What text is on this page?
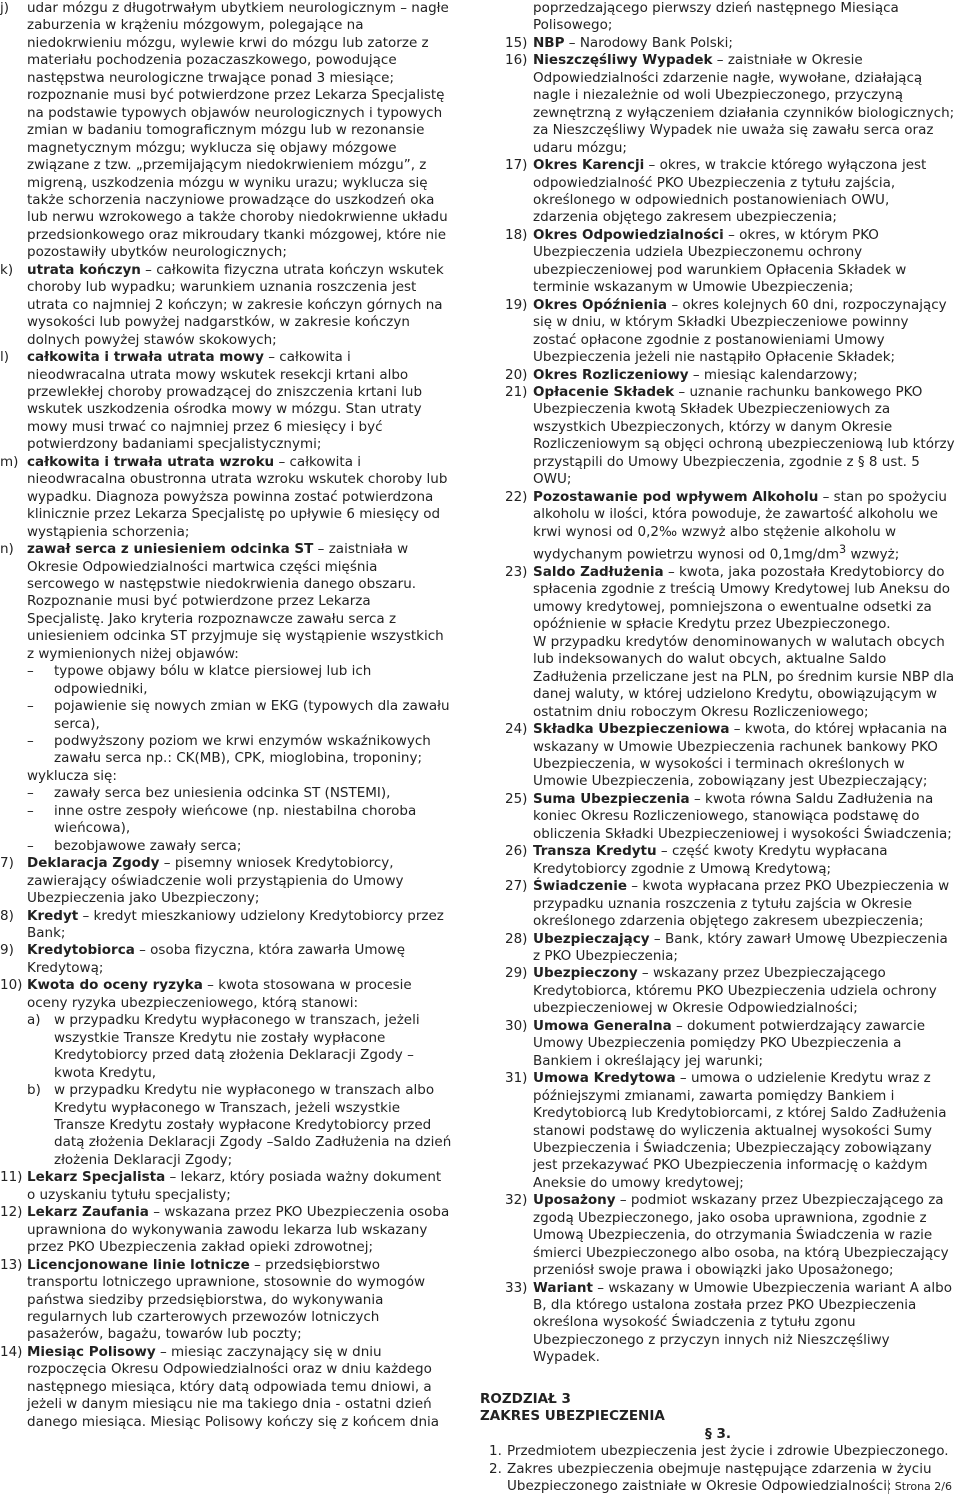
j)	udar mózgu z długotrwałym ubytkiem neurologicznym – nagłe zaburzenia w krążeniu mózgowym, polegające na niedokrwieniu mózgu, wylewie krwi do mózgu lub zatorze z materiału pochodzenia pozaczaszkowego, powodujące następstwa neurologiczne trwające ponad 3 miesiące; rozpoznanie musi być potwierdzone przez Lekarza Specjalistę na podstawie typowych objawów neurologicznych i typowych zmian w badaniu tomograficznym mózgu lub w rezonansie magnetycznym mózgu; wyklucza się objawy mózgowe związane z tzw. „przemijającym niedokrwieniem mózgu”, z migreną, uszkodzenia mózgu w wyniku urazu; wyklucza się także schorzenia naczyniowe prowadzące do uszkodzeń oka lub nerwu wzrokowego a także choroby niedokrwienne układu przedsionkowego oraz mikroudary tkanki mózgowej, które nie pozostawiły ubytków neurologicznych;

k)	utrata kończyn – całkowita fizyczna utrata kończyn wskutek choroby lub wypadku; warunkiem uznania roszczenia jest utrata co najmniej 2 kończyn; w zakresie kończyn górnych na wysokości lub powyżej nadgarstków, w zakresie kończyn dolnych powyżej stawów skokowych;

l)	całkowita i trwała utrata mowy – całkowita i nieodwracalna utrata mowy wskutek resekcji krtani albo przewlekłej choroby prowadzącej do zniszczenia krtani lub wskutek uszkodzenia ośrodka mowy w mózgu. Stan utraty mowy musi trwać co najmniej przez 6 miesięcy i być potwierdzony badaniami specjalistycznymi;

m) całkowita i trwała utrata wzroku – całkowita i nieodwracalna obustronna utrata wzroku wskutek choroby lub wypadku. Diagnoza powyższa powinna zostać potwierdzona klinicznie przez Lekarza Specjalistę po upływie 6 miesięcy od wystąpienia schorzenia;

n) zawał serca z uniesieniem odcinka ST – zaistniała w Okresie Odpowiedzialności martwica części mięśnia sercowego w następstwie niedokrwienia danego obszaru. Rozpoznanie musi być potwierdzone przez Lekarza Specjalistę. Jako kryteria rozpoznawcze zawału serca z uniesieniem odcinka ST przyjmuje się wystąpienie wszystkich z wymienionych niżej objawów:

– typowe objawy bólu w klatce piersiowej lub ich odpowiedniki,

– pojawienie się nowych zmian w EKG (typowych dla zawału serca),

– podwyższony poziom we krwi enzymów wskaźnikowych zawału serca np.: CK(MB), CPK, mioglobina, troponiny;

wyklucza się:

– zawały serca bez uniesienia odcinka ST (NSTEMI),

– inne ostre zespoły wieńcowe (np. niestabilna choroba wieńcowa),

– bezobjawowe zawały serca;

7) Deklaracja Zgody – pisemny wniosek Kredytobiorcy, zawierający oświadczenie woli przystąpienia do Umowy Ubezpieczenia jako Ubezpieczony;

8) Kredyt – kredyt mieszkaniowy udzielony Kredytobiorcy przez Bank;

9) Kredytobiorca – osoba fizyczna, która zawarła Umowę Kredytową;

10) Kwota do oceny ryzyka – kwota stosowana w procesie oceny ryzyka ubezpieczeniowego, którą stanowi:

a) w przypadku Kredytu wypłaconego w transzach, jeżeli wszystkie Transze Kredytu nie zostały wypłacone Kredytobiorcy przed datą złożenia Deklaracji Zgody – kwota Kredytu,

b) w przypadku Kredytu nie wypłaconego w transzach albo Kredytu wypłaconego w Transzach, jeżeli wszystkie Transze Kredytu zostały wypłacone Kredytobiorcy przed datą złożenia Deklaracji Zgody –Saldo Zadłużenia na dzień złożenia Deklaracji Zgody;

11) Lekarz Specjalista – lekarz, który posiada ważny dokument o uzyskaniu tytułu specjalisty;

12) Lekarz Zaufania – wskazana przez PKO Ubezpieczenia osoba uprawniona do wykonywania zawodu lekarza lub wskazany przez PKO Ubezpieczenia zakład opieki zdrowotnej;

13) Licencjonowane linie lotnicze – przedsiębiorstwo transportu lotniczego uprawnione, stosownie do wymogów państwa siedziby przedsiębiorstwa, do wykonywania regularnych lub czarterowych przewozów lotniczych pasażerów, bagażu, towarów lub poczty;

14) Miesiąc Polisowy – miesiąc zaczynający się w dniu rozpoczęcia Okresu Odpowiedzialności oraz w dniu każdego następnego miesiąca, który datą odpowiada temu dniowi, a jeżeli w danym miesiącu nie ma takiego dnia - ostatni dzień danego miesiąca. Miesiąc Polisowy kończy się z końcem dnia

poprzedzającego pierwszy dzień następnego Miesiąca Polisowego;

15) NBP – Narodowy Bank Polski;

16) Nieszczęśliwy Wypadek – zaistniałe w Okresie Odpowiedzialności zdarzenie nagłe, wywołane, działającą nagle i niezależnie od woli Ubezpieczonego, przyczyną zewnętrzną z wyłączeniem działania czynników biologicznych; za Nieszczęśliwy Wypadek nie uważa się zawału serca oraz udaru mózgu;

17) Okres Karencji – okres, w trakcie którego wyłączona jest odpowiedzialność PKO Ubezpieczenia z tytułu zajścia, określonego w odpowiednich postanowieniach OWU, zdarzenia objętego zakresem ubezpieczenia;

18) Okres Odpowiedzialności – okres, w którym PKO Ubezpieczenia udziela Ubezpieczonemu ochrony ubezpieczeniowej pod warunkiem Opłacenia Składek w terminie wskazanym w Umowie Ubezpieczenia;

19) Okres Opóźnienia – okres kolejnych 60 dni, rozpoczynający się w dniu, w którym Składki Ubezpieczeniowe powinny zostać opłacone zgodnie z postanowieniami Umowy Ubezpieczenia jeżeli nie nastąpiło Opłacenie Składek;

20) Okres Rozliczeniowy – miesiąc kalendarzowy;

21) Opłacenie Składek – uznanie rachunku bankowego PKO Ubezpieczenia kwotą Składek Ubezpieczeniowych za wszystkich Ubezpieczonych, którzy w danym Okresie Rozliczeniowym są objęci ochroną ubezpieczeniową lub którzy przystąpili do Umowy Ubezpieczenia, zgodnie z § 8 ust. 5 OWU;

22) Pozostawanie pod wpływem Alkoholu – stan po spożyciu alkoholu w ilości, która powoduje, że zawartość alkoholu we krwi wynosi od 0,2‰ wzwyż albo stężenie alkoholu w wydychanym powietrzu wynosi od $0,1mg/dm^3$ wzwyż;

23) Saldo Zadłużenia – kwota, jaka pozostała Kredytobiorcy do spłacenia zgodnie z treścią Umowy Kredytowej lub Aneksu do umowy kredytowej, pomniejszona o ewentualne odsetki za opóźnienie w spłacie Kredytu przez Ubezpieczonego.

W przypadku kredytów denominowanych w walutach obcych lub indeksowanych do walut obcych, aktualne Saldo Zadłużenia przeliczane jest na PLN, po średnim kursie NBP dla danej waluty, w której udzielono Kredytu, obowiązującym w ostatnim dniu roboczym Okresu Rozliczeniowego;

24) Składka Ubezpieczeniowa – kwota, do której wpłacania na wskazany w Umowie Ubezpieczenia rachunek bankowy PKO Ubezpieczenia, w wysokości i terminach określonych w Umowie Ubezpieczenia, zobowiązany jest Ubezpieczający;

25) Suma Ubezpieczenia – kwota równa Saldu Zadłużenia na koniec Okresu Rozliczeniowego, stanowiąca podstawę do obliczenia Składki Ubezpieczeniowej i wysokości Świadczenia;

26) Transza Kredytu – część kwoty Kredytu wypłacana Kredytobiorcy zgodnie z Umową Kredytową;

27) Świadczenie – kwota wypłacana przez PKO Ubezpieczenia w przypadku uznania roszczenia z tytułu zajścia w Okresie określonego zdarzenia objętego zakresem ubezpieczenia;

28) Ubezpieczający – Bank, który zawarł Umowę Ubezpieczenia z PKO Ubezpieczenia;

29) Ubezpieczony – wskazany przez Ubezpieczającego Kredytobiorca, któremu PKO Ubezpieczenia udziela ochrony ubezpieczeniowej w Okresie Odpowiedzialności;

30) Umowa Generalna – dokument potwierdzający zawarcie Umowy Ubezpieczenia pomiędzy PKO Ubezpieczenia a Bankiem i określający jej warunki;

31) Umowa Kredytowa – umowa o udzielenie Kredytu wraz z późniejszymi zmianami, zawarta pomiędzy Bankiem i Kredytobiorcą lub Kredytobiorcami, z której Saldo Zadłużenia stanowi podstawę do wyliczenia aktualnej wysokości Sumy Ubezpieczenia i Świadczenia; Ubezpieczający zobowiązany jest przekazywać PKO Ubezpieczenia informację o każdym Aneksie do umowy kredytowej;

32) Uposażony – podmiot wskazany przez Ubezpieczającego za zgodą Ubezpieczonego, jako osoba uprawniona, zgodnie z Umową Ubezpieczenia, do otrzymania Świadczenia w razie śmierci Ubezpieczonego albo osoba, na którą Ubezpieczający przeniósł swoje prawa i obowiązki jako Uposażonego;

33) Wariant – wskazany w Umowie Ubezpieczenia wariant A albo B, dla którego ustalona została przez PKO Ubezpieczenia określona wysokość Świadczenia z tytułu zgonu Ubezpieczonego z przyczyn innych niż Nieszczęśliwy Wypadek.

ROZDZIAŁ 3

ZAKRES UBEZPIECZENIA

§ 3.

1. Przedmiotem ubezpieczenia jest życie i zdrowie Ubezpieczonego.

2. Zakres ubezpieczenia obejmuje następujące zdarzenia w życiu Ubezpieczonego zaistniałe w Okresie Odpowiedzialności: Strona 2/6
